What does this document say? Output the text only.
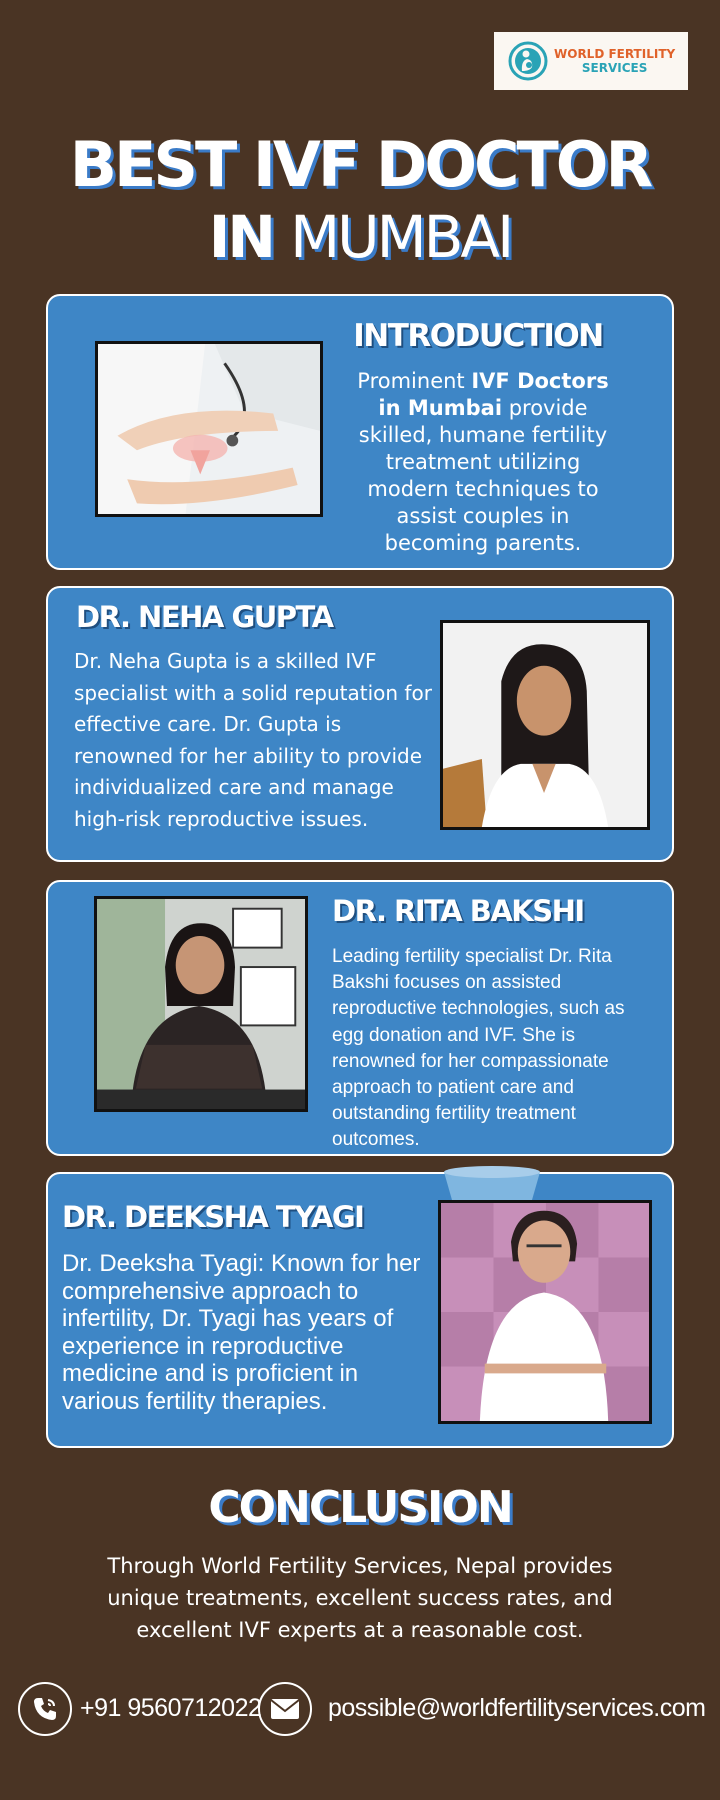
WORLD FERTILITY
SERVICES
BEST IVF DOCTOR
IN MUMBAI
INTRODUCTION
Prominent IVF Doctors in Mumbai provide skilled, humane fertility treatment utilizing modern techniques to assist couples in becoming parents.
DR. NEHA GUPTA
Dr. Neha Gupta is a skilled IVF specialist with a solid reputation for effective care. Dr. Gupta is renowned for her ability to provide individualized care and manage high-risk reproductive issues.
DR. RITA BAKSHI
Leading fertility specialist Dr. Rita Bakshi focuses on assisted reproductive technologies, such as egg donation and IVF. She is renowned for her compassionate approach to patient care and outstanding fertility treatment outcomes.
DR. DEEKSHA TYAGI
Dr. Deeksha Tyagi: Known for her comprehensive approach to infertility, Dr. Tyagi has years of experience in reproductive medicine and is proficient in various fertility therapies.
CONCLUSION
Through World Fertility Services, Nepal provides unique treatments, excellent success rates, and excellent IVF experts at a reasonable cost.
+91 9560712022	possible@worldfertilityservices.com
